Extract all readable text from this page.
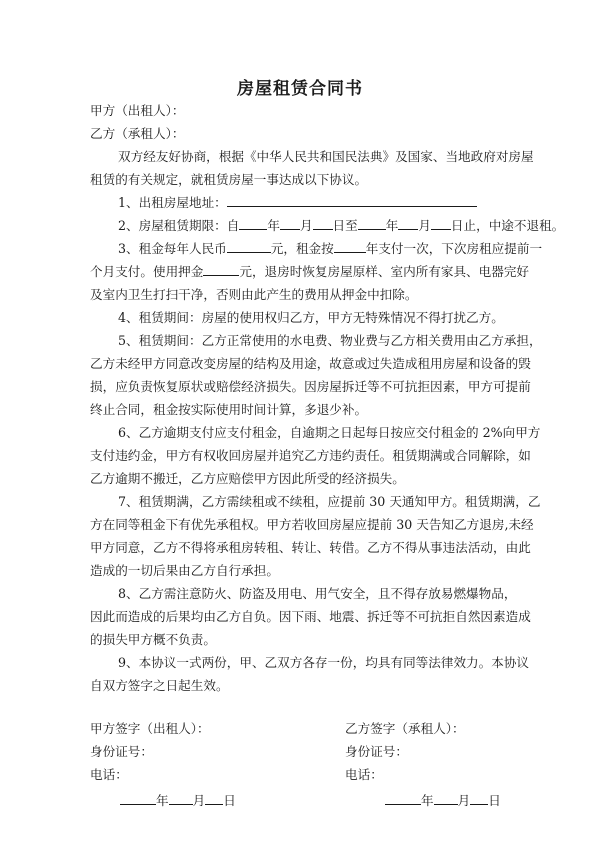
房屋租赁合同书
甲方（出租人）：
乙方（承租人）：
双方经友好协商，根据《中华人民共和国民法典》及国家、当地政府对房屋
租赁的有关规定，就租赁房屋一事达成以下协议。
1、出租房屋地址：
2、房屋租赁期限：自 年 月 日至 年 月 日止，中途不退租。
3、租金每年人民币	元，租金按	年支付一次，下次房租应提前一
个月支付。使用押金	元，退房时恢复房屋原样、室内所有家具、电器完好
及室内卫生打扫干净，否则由此产生的费用从押金中扣除。
4、租赁期间：房屋的使用权归乙方，甲方无特殊情况不得打扰乙方。
5、租赁期间：乙方正常使用的水电费、物业费与乙方相关费用由乙方承担，
乙方未经甲方同意改变房屋的结构及用途，故意或过失造成租用房屋和设备的毁
损，应负责恢复原状或赔偿经济损失。因房屋拆迁等不可抗拒因素，甲方可提前
终止合同，租金按实际使用时间计算，多退少补。
6、乙方逾期支付应支付租金，自逾期之日起每日按应交付租金的 2%向甲方
支付违约金，甲方有权收回房屋并追究乙方违约责任。租赁期满或合同解除，如
乙方逾期不搬迁，乙方应赔偿甲方因此所受的经济损失。
7、租赁期满，乙方需续租或不续租，应提前 30 天通知甲方。租赁期满，乙
方在同等租金下有优先承租权。甲方若收回房屋应提前 30 天告知乙方退房,未经
甲方同意，乙方不得将承租房转租、转让、转借。乙方不得从事违法活动，由此
造成的一切后果由乙方自行承担。
8、乙方需注意防火、防盗及用电、用气安全，且不得存放易燃爆物品，
因此而造成的后果均由乙方自负。因下雨、地震、拆迁等不可抗拒自然因素造成
的损失甲方概不负责。
9、本协议一式两份，甲、乙双方各存一份，均具有同等法律效力。本协议
自双方签字之日起生效。
甲方签字（出租人）：	乙方签字（承租人）：
身份证号：	身份证号：
电话：	电话：
年 月 日	年 月 日
